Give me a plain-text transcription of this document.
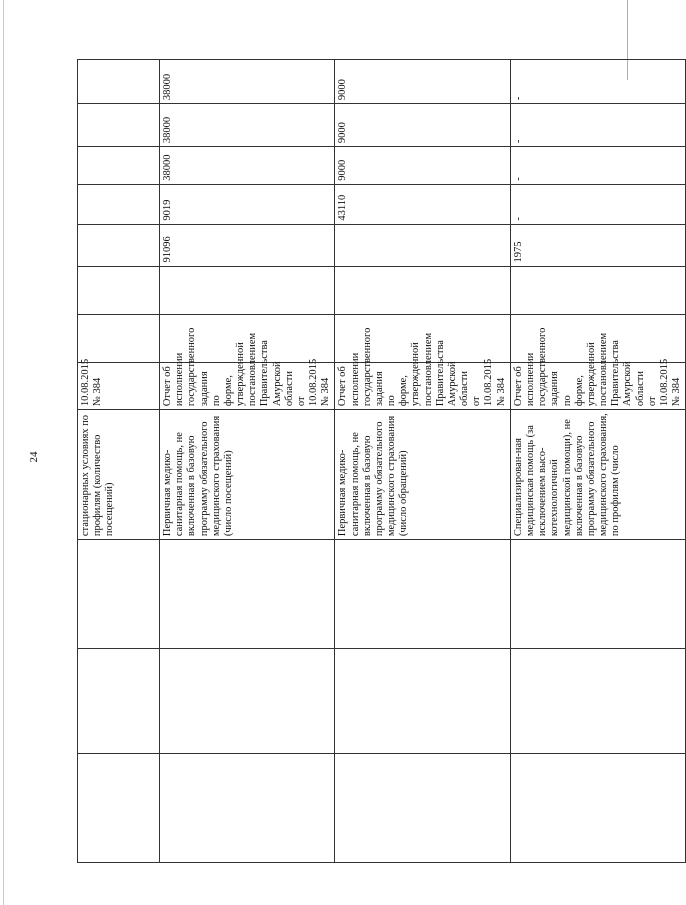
24
				стационарных условиях по профилям (количество посещений)	10.08.2015 № 384							
			Первичная медико-санитарная помощь, не включенная в базовую программу обязательного медицинского страхования (число посещений)	Отчет об исполнении государственного задания по форме, утвержденной постановлением Правительства Амурской области от 10.08.2015 № 384			91096	9019	38000	38000	38000
			Первичная медико-санитарная помощь, не включенная в базовую программу обязательного медицинского страхования (число обращений)	Отчет об исполнении государственного задания по форме, утвержденной постановлением Правительства Амурской области от 10.08.2015 № 384				43110	9000	9000	9000
			Специализирован-ная медицинская помощь (за исключением высо-котехнологичной медицинской помощи), не включенная в базовую программу обязательного медицинского страхования, по профилям (число	Отчет об исполнении государственного задания по форме, утвержденной постановлением Правительства Амурской области от 10.08.2015 № 384			1975	-	-	-	-
